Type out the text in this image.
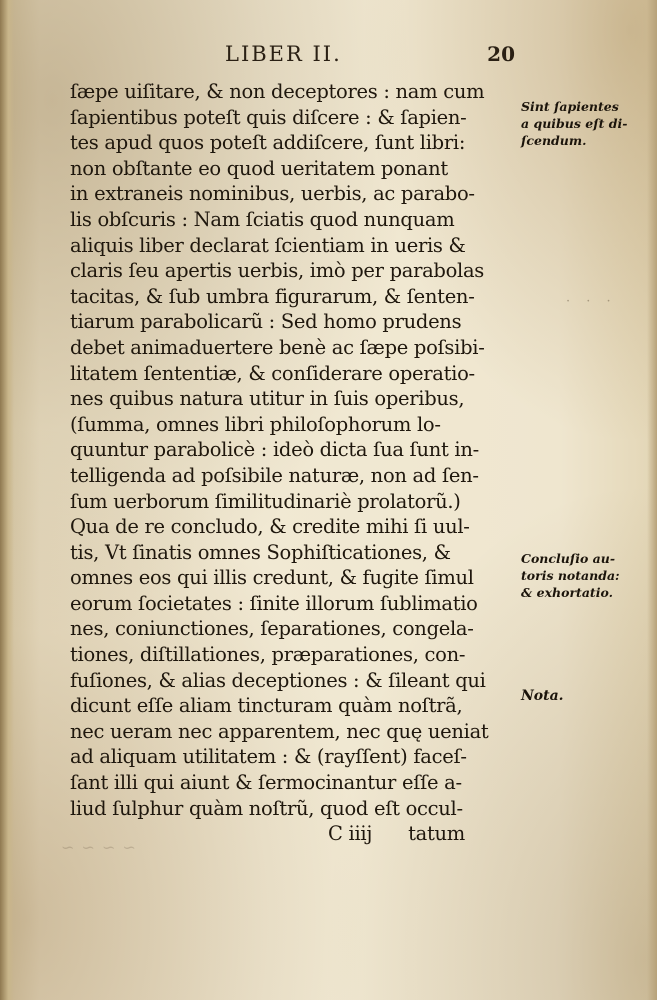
LIBER II.	20
ſæpe uiſitare, & non deceptores : nam cum
ſapientibus poteſt quis diſcere : & ſapien-
tes apud quos poteſt addiſcere, ſunt libri:
non obſtante eo quod ueritatem ponant
in extraneis nominibus, uerbis, ac parabo-
lis obſcuris : Nam ſciatis quod nunquam
aliquis liber declarat ſcientiam in ueris &
claris ſeu apertis uerbis, imò per parabolas
tacitas, & ſub umbra figurarum, & ſenten-
tiarum parabolicarũ : Sed homo prudens
debet animaduertere benè ac ſæpe poſsibi-
litatem ſententiæ, & conſiderare operatio-
nes quibus natura utitur in ſuis operibus,
(ſumma, omnes libri philoſophorum lo-
quuntur parabolicè : ideò dicta ſua ſunt in-
telligenda ad poſsibile naturæ, non ad ſen-
ſum uerborum ſimilitudinariè prolatorũ.)
Qua de re concludo, & credite mihi ſi uul-
tis, Vt ſinatis omnes Sophiſticationes, &
omnes eos qui illis credunt, & fugite ſimul
eorum ſocietates : ſinite illorum ſublimatio
nes, coniunctiones, ſeparationes, congela-
tiones, diſtillationes, præparationes, con-
fuſiones, & alias deceptiones : & ſileant qui
dicunt eſſe aliam tincturam quàm noſtrã,
nec ueram nec apparentem, nec quę ueniat
ad aliquam utilitatem : & (rayſſent) faceſ-
ſant illi qui aiunt & ſermocinantur eſſe a-
liud ſulphur quàm noſtrũ, quod eſt occul-
C iiij tatum
Sint ſapientes
a quibus eſt di-
ſcendum.
· · ·
Concluſio au-
toris notanda:
& exhortatio.
Nota.
~ ~ ~ ~
